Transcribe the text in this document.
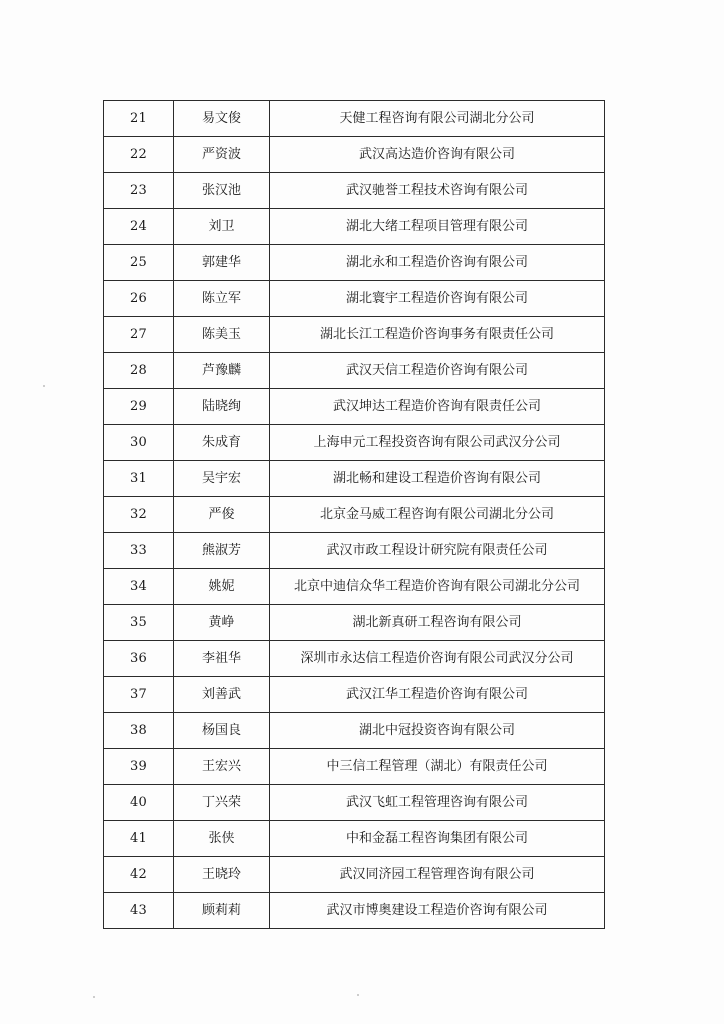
21	易文俊	天健工程咨询有限公司湖北分公司
22	严资波	武汉高达造价咨询有限公司
23	张汉池	武汉驰誉工程技术咨询有限公司
24	刘卫	湖北大绪工程项目管理有限公司
25	郭建华	湖北永和工程造价咨询有限公司
26	陈立军	湖北寰宇工程造价咨询有限公司
27	陈美玉	湖北长江工程造价咨询事务有限责任公司
28	芦豫麟	武汉天信工程造价咨询有限公司
29	陆晓绚	武汉坤达工程造价咨询有限责任公司
30	朱成育	上海申元工程投资咨询有限公司武汉分公司
31	吴宇宏	湖北畅和建设工程造价咨询有限公司
32	严俊	北京金马威工程咨询有限公司湖北分公司
33	熊淑芳	武汉市政工程设计研究院有限责任公司
34	姚妮	北京中迪信众华工程造价咨询有限公司湖北分公司
35	黄峥	湖北新真研工程咨询有限公司
36	李祖华	深圳市永达信工程造价咨询有限公司武汉分公司
37	刘善武	武汉江华工程造价咨询有限公司
38	杨国良	湖北中冠投资咨询有限公司
39	王宏兴	中三信工程管理（湖北）有限责任公司
40	丁兴荣	武汉飞虹工程管理咨询有限公司
41	张侠	中和金磊工程咨询集团有限公司
42	王晓玲	武汉同济园工程管理咨询有限公司
43	顾莉莉	武汉市博奥建设工程造价咨询有限公司
